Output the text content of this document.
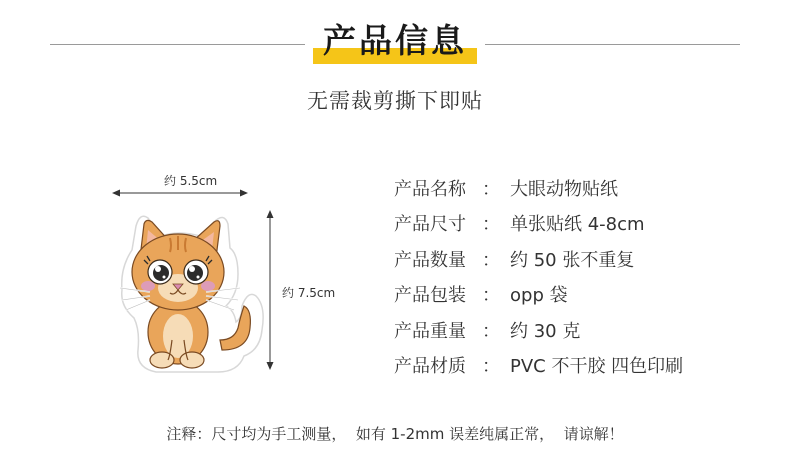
产品信息
无需裁剪撕下即贴
约 5.5cm
约 7.5cm
产品名称 ： 大眼动物贴纸
产品尺寸 ： 单张贴纸 4-8cm
产品数量 ： 约 50 张不重复
产品包装 ： opp 袋
产品重量 ： 约 30 克
产品材质 ： PVC 不干胶 四色印刷
注释：尺寸均为手工测量，  如有 1-2mm 误差纯属正常，  请谅解！
